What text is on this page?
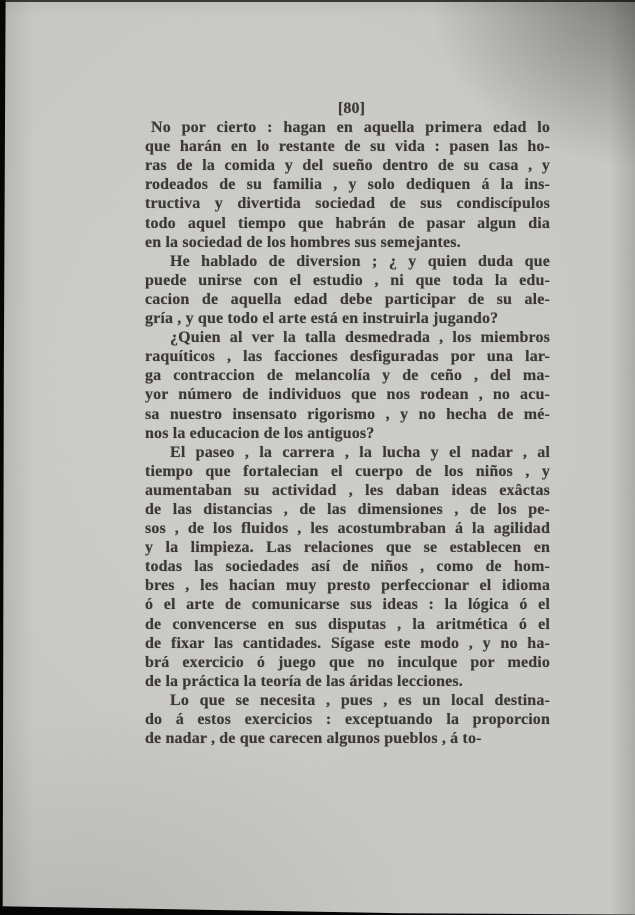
[80]
No por cierto : hagan en aquella primera edad lo
que harán en lo restante de su vida : pasen las ho-
ras de la comida y del sueño dentro de su casa , y
rodeados de su familia , y solo dediquen á la ins-
tructiva y divertida sociedad de sus condiscípulos
todo aquel tiempo que habrán de pasar algun dia
en la sociedad de los hombres sus semejantes.
He hablado de diversion ; ¿ y quien duda que
puede unirse con el estudio , ni que toda la edu-
cacion de aquella edad debe participar de su ale-
gría , y que todo el arte está en instruirla jugando?
¿Quien al ver la talla desmedrada , los miembros
raquíticos , las facciones desfiguradas por una lar-
ga contraccion de melancolía y de ceño , del ma-
yor número de individuos que nos rodean , no acu-
sa nuestro insensato rigorismo , y no hecha de mé-
nos la educacion de los antiguos?
El paseo , la carrera , la lucha y el nadar , al
tiempo que fortalecian el cuerpo de los niños , y
aumentaban su actividad , les daban ideas exâctas
de las distancias , de las dimensiones , de los pe-
sos , de los fluidos , les acostumbraban á la agilidad
y la limpieza. Las relaciones que se establecen en
todas las sociedades así de niños , como de hom-
bres , les hacian muy presto perfeccionar el idioma
ó el arte de comunicarse sus ideas : la lógica ó el
de convencerse en sus disputas , la aritmética ó el
de fixar las cantidades. Sígase este modo , y no ha-
brá exercicio ó juego que no inculque por medio
de la práctica la teoría de las áridas lecciones.
Lo que se necesita , pues , es un local destina-
do á estos exercicios : exceptuando la proporcion
de nadar , de que carecen algunos pueblos , á to-
